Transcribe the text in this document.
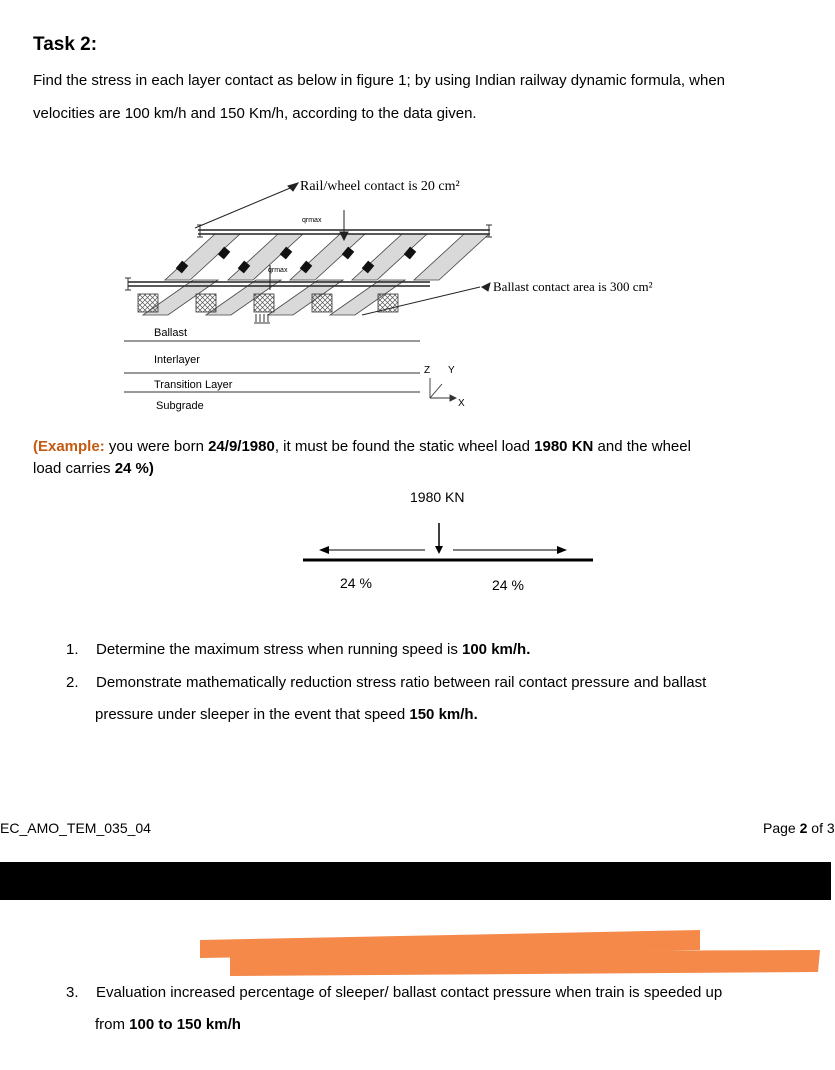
Task 2:
Find the stress in each layer contact as below in figure 1; by using Indian railway dynamic formula, when
velocities are 100 km/h and 150 Km/h, according to the data given.
Rail/wheel contact is 20 cm²
Ballast contact area is 300 cm²
qrmax
qrmax
Ballast
Interlayer
Transition Layer
Subgrade
Z Y
X
(Example: you were born 24/9/1980, it must be found the static wheel load 1980 KN and the wheel
load carries 24 %)
1980 KN
24 %	24 %
1. Determine the maximum stress when running speed is 100 km/h.
2. Demonstrate mathematically reduction stress ratio between rail contact pressure and ballast
pressure under sleeper in the event that speed 150 km/h.
EC_AMO_TEM_035_04	Page 2 of 3
3. Evaluation increased percentage of sleeper/ ballast contact pressure when train is speeded up
from 100 to 150 km/h
